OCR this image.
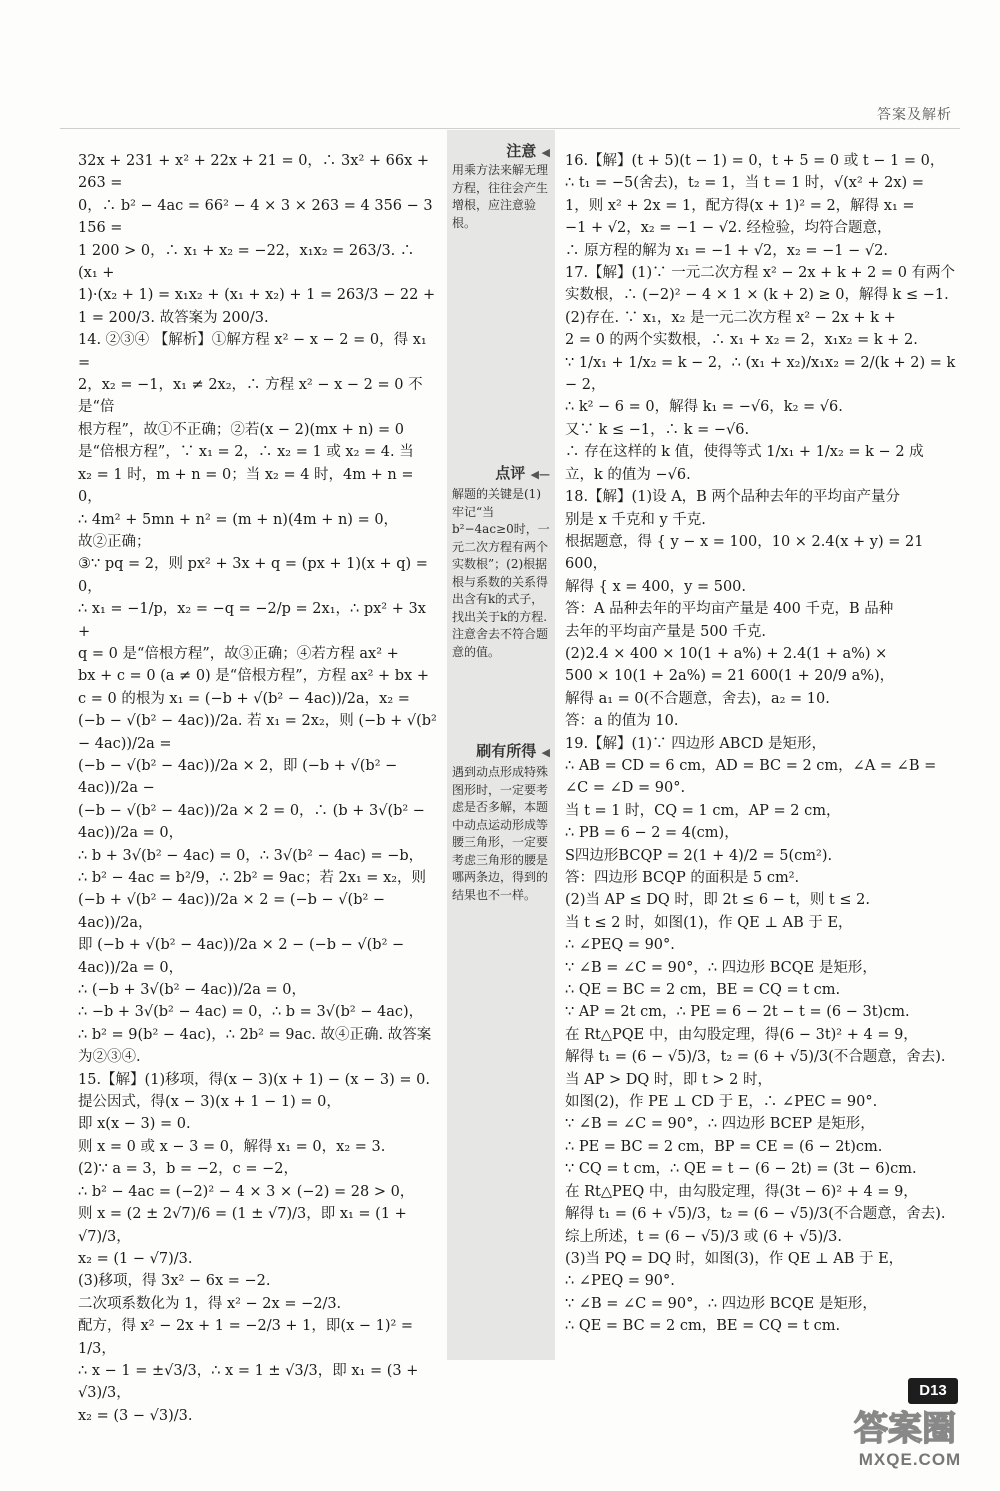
答案及解析
注意 ◀
用乘方法来解无理方程，往往会产生增根，应注意验根。
点评 ◀—
解题的关键是(1)牢记“当b²−4ac≥0时，一元二次方程有两个实数根”；(2)根据根与系数的关系得出含有k的式子，找出关于k的方程.注意舍去不符合题意的值。
刷有所得 ◀
遇到动点形成特殊图形时，一定要考虑是否多解，本题中动点运动形成等腰三角形，一定要考虑三角形的腰是哪两条边，得到的结果也不一样。

32x + 231 + x² + 22x + 21 = 0，∴ 3x² + 66x + 263 =

0，∴ b² − 4ac = 66² − 4 × 3 × 263 = 4 356 − 3 156 =

1 200 > 0，∴ x₁ + x₂ = −22，x₁x₂ = 263/3. ∴ (x₁ +

1)·(x₂ + 1) = x₁x₂ + (x₁ + x₂) + 1 = 263/3 − 22 +

1 = 200/3. 故答案为 200/3.

14. ②③④ 【解析】①解方程 x² − x − 2 = 0，得 x₁ =

2，x₂ = −1，x₁ ≠ 2x₂，∴ 方程 x² − x − 2 = 0 不是“倍

根方程”，故①不正确；②若(x − 2)(mx + n) = 0

是“倍根方程”，∵ x₁ = 2，∴ x₂ = 1 或 x₂ = 4. 当

x₂ = 1 时，m + n = 0；当 x₂ = 4 时，4m + n = 0，

∴ 4m² + 5mn + n² = (m + n)(4m + n) = 0，

故②正确；

③∵ pq = 2，则 px² + 3x + q = (px + 1)(x + q) = 0，

∴ x₁ = −1/p，x₂ = −q = −2/p = 2x₁，∴ px² + 3x +

q = 0 是“倍根方程”，故③正确；④若方程 ax² +

bx + c = 0 (a ≠ 0) 是“倍根方程”，方程 ax² + bx +

c = 0 的根为 x₁ = (−b + √(b² − 4ac))/2a，x₂ =

(−b − √(b² − 4ac))/2a. 若 x₁ = 2x₂，则 (−b + √(b² − 4ac))/2a =

(−b − √(b² − 4ac))/2a × 2，即 (−b + √(b² − 4ac))/2a −

(−b − √(b² − 4ac))/2a × 2 = 0，∴ (b + 3√(b² − 4ac))/2a = 0，

∴ b + 3√(b² − 4ac) = 0，∴ 3√(b² − 4ac) = −b，

∴ b² − 4ac = b²/9，∴ 2b² = 9ac；若 2x₁ = x₂，则

(−b + √(b² − 4ac))/2a × 2 = (−b − √(b² − 4ac))/2a，

即 (−b + √(b² − 4ac))/2a × 2 − (−b − √(b² − 4ac))/2a = 0，

∴ (−b + 3√(b² − 4ac))/2a = 0，

∴ −b + 3√(b² − 4ac) = 0，∴ b = 3√(b² − 4ac)，

∴ b² = 9(b² − 4ac)，∴ 2b² = 9ac. 故④正确. 故答案

为②③④.

15.【解】(1)移项，得(x − 3)(x + 1) − (x − 3) = 0.

提公因式，得(x − 3)(x + 1 − 1) = 0，

即 x(x − 3) = 0.

则 x = 0 或 x − 3 = 0，解得 x₁ = 0，x₂ = 3.

(2)∵ a = 3，b = −2，c = −2，

∴ b² − 4ac = (−2)² − 4 × 3 × (−2) = 28 > 0，

则 x = (2 ± 2√7)/6 = (1 ± √7)/3，即 x₁ = (1 + √7)/3，

x₂ = (1 − √7)/3.

(3)移项，得 3x² − 6x = −2.

二次项系数化为 1，得 x² − 2x = −2/3.

配方，得 x² − 2x + 1 = −2/3 + 1，即(x − 1)² = 1/3，

∴ x − 1 = ±√3/3，∴ x = 1 ± √3/3，即 x₁ = (3 + √3)/3，

x₂ = (3 − √3)/3.

16.【解】(t + 5)(t − 1) = 0，t + 5 = 0 或 t − 1 = 0，

∴ t₁ = −5(舍去)，t₂ = 1，当 t = 1 时，√(x² + 2x) =

1，则 x² + 2x = 1，配方得(x + 1)² = 2，解得 x₁ =

−1 + √2，x₂ = −1 − √2. 经检验，均符合题意，

∴ 原方程的解为 x₁ = −1 + √2，x₂ = −1 − √2.

17.【解】(1)∵ 一元二次方程 x² − 2x + k + 2 = 0 有两个

实数根，∴ (−2)² − 4 × 1 × (k + 2) ≥ 0，解得 k ≤ −1.

(2)存在. ∵ x₁，x₂ 是一元二次方程 x² − 2x + k +

2 = 0 的两个实数根，∴ x₁ + x₂ = 2，x₁x₂ = k + 2.

∵ 1/x₁ + 1/x₂ = k − 2，∴ (x₁ + x₂)/x₁x₂ = 2/(k + 2) = k − 2，

∴ k² − 6 = 0，解得 k₁ = −√6，k₂ = √6.

又∵ k ≤ −1，∴ k = −√6.

∴ 存在这样的 k 值，使得等式 1/x₁ + 1/x₂ = k − 2 成

立，k 的值为 −√6.

18.【解】(1)设 A，B 两个品种去年的平均亩产量分

别是 x 千克和 y 千克.

根据题意，得 { y − x = 100，10 × 2.4(x + y) = 21 600，

解得 { x = 400，y = 500.

答：A 品种去年的平均亩产量是 400 千克，B 品种

去年的平均亩产量是 500 千克.

(2)2.4 × 400 × 10(1 + a%) + 2.4(1 + a%) ×

500 × 10(1 + 2a%) = 21 600(1 + 20/9 a%)，

解得 a₁ = 0(不合题意，舍去)，a₂ = 10.

答：a 的值为 10.

19.【解】(1)∵ 四边形 ABCD 是矩形，

∴ AB = CD = 6 cm，AD = BC = 2 cm，∠A = ∠B =

∠C = ∠D = 90°.

当 t = 1 时，CQ = 1 cm，AP = 2 cm，

∴ PB = 6 − 2 = 4(cm)，

S四边形BCQP = 2(1 + 4)/2 = 5(cm²).

答：四边形 BCQP 的面积是 5 cm².

(2)当 AP ≤ DQ 时，即 2t ≤ 6 − t，则 t ≤ 2.

当 t ≤ 2 时，如图(1)，作 QE ⊥ AB 于 E，

∴ ∠PEQ = 90°.

∵ ∠B = ∠C = 90°，∴ 四边形 BCQE 是矩形，

∴ QE = BC = 2 cm，BE = CQ = t cm.

∵ AP = 2t cm，∴ PE = 6 − 2t − t = (6 − 3t)cm.

在 Rt△PQE 中，由勾股定理，得(6 − 3t)² + 4 = 9，

解得 t₁ = (6 − √5)/3，t₂ = (6 + √5)/3(不合题意，舍去).

当 AP > DQ 时，即 t > 2 时，

如图(2)，作 PE ⊥ CD 于 E，∴ ∠PEC = 90°.

∵ ∠B = ∠C = 90°，∴ 四边形 BCEP 是矩形，

∴ PE = BC = 2 cm，BP = CE = (6 − 2t)cm.

∵ CQ = t cm，∴ QE = t − (6 − 2t) = (3t − 6)cm.

在 Rt△PEQ 中，由勾股定理，得(3t − 6)² + 4 = 9，

解得 t₁ = (6 + √5)/3，t₂ = (6 − √5)/3(不合题意，舍去).

综上所述，t = (6 − √5)/3 或 (6 + √5)/3.

(3)当 PQ = DQ 时，如图(3)，作 QE ⊥ AB 于 E，

∴ ∠PEQ = 90°.

∵ ∠B = ∠C = 90°，∴ 四边形 BCQE 是矩形，

∴ QE = BC = 2 cm，BE = CQ = t cm.

D13
答案圈
MXQE.COM
